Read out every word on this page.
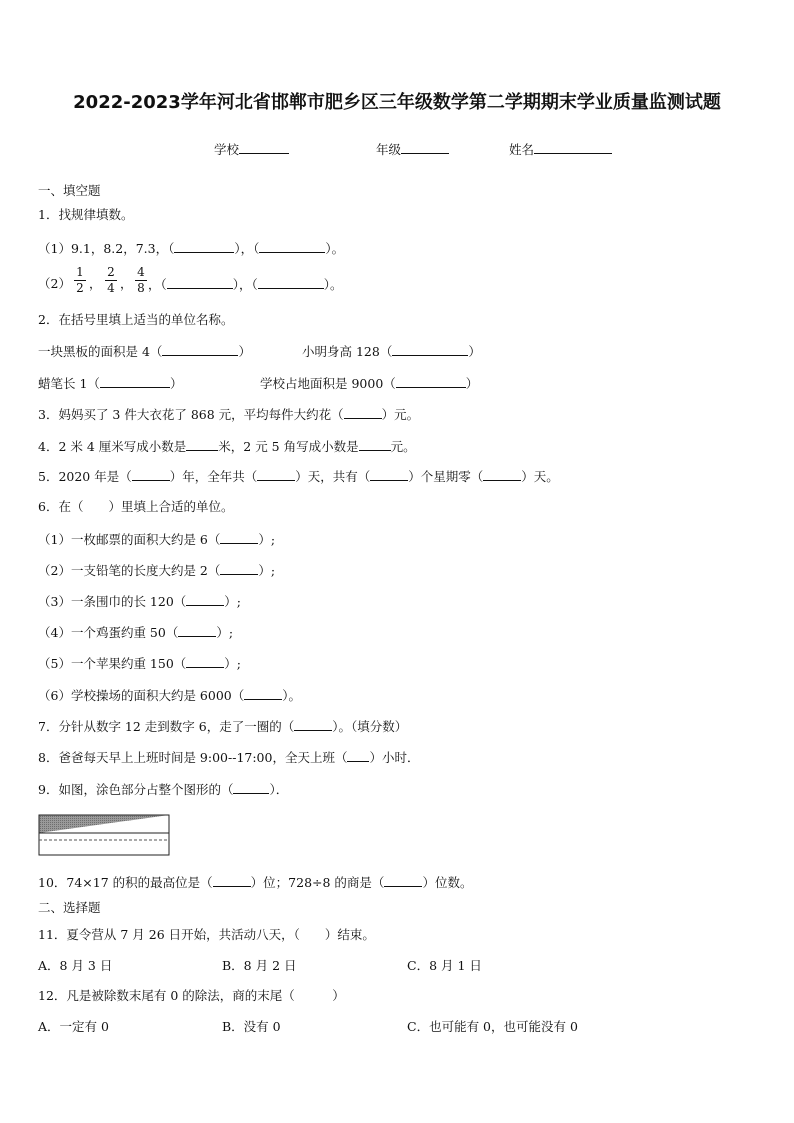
2022-2023学年河北省邯郸市肥乡区三年级数学第二学期期末学业质量监测试题
学校	年级	姓名
一、填空题
1．找规律填数。
（1）9.1，8.2，7.3，（	），（	）。
（2）
1
2 ，
2
4 ，
4
8 ，（	），（	）。
2．在括号里填上适当的单位名称。
一块黑板的面积是 4（	）	小明身高 128（	）
蜡笔长 1（	）	学校占地面积是 9000（	）
3．妈妈买了 3 件大衣花了 868 元，平均每件大约花（	）元。
4．2 米 4 厘米写成小数是	米，2 元 5 角写成小数是	元。
5．2020 年是（	）年，全年共（	）天，共有（	）个星期零（	）天。
6．在（　　）里填上合适的单位。
（1）一枚邮票的面积大约是 6（	）;
（2）一支铅笔的长度大约是 2（	）;
（3）一条围巾的长 120（	）;
（4）一个鸡蛋约重 50（	）;
（5）一个苹果约重 150（	）;
（6）学校操场的面积大约是 6000（	）。
7．分针从数字 12 走到数字 6，走了一圈的（	）。（填分数）
8．爸爸每天早上上班时间是 9:00--17:00，全天上班（ ）小时．
9．如图，涂色部分占整个图形的（	）．
10．74×17 的积的最高位是（	）位；728÷8 的商是（	）位数。
二、选择题
11．夏令营从 7 月 26 日开始，共活动八天，（　　）结束。
A．8 月 3 日	B．8 月 2 日	C．8 月 1 日
12．凡是被除数末尾有 0 的除法，商的末尾（　　　）
A．一定有 0	B．没有 0	C．也可能有 0，也可能没有 0
